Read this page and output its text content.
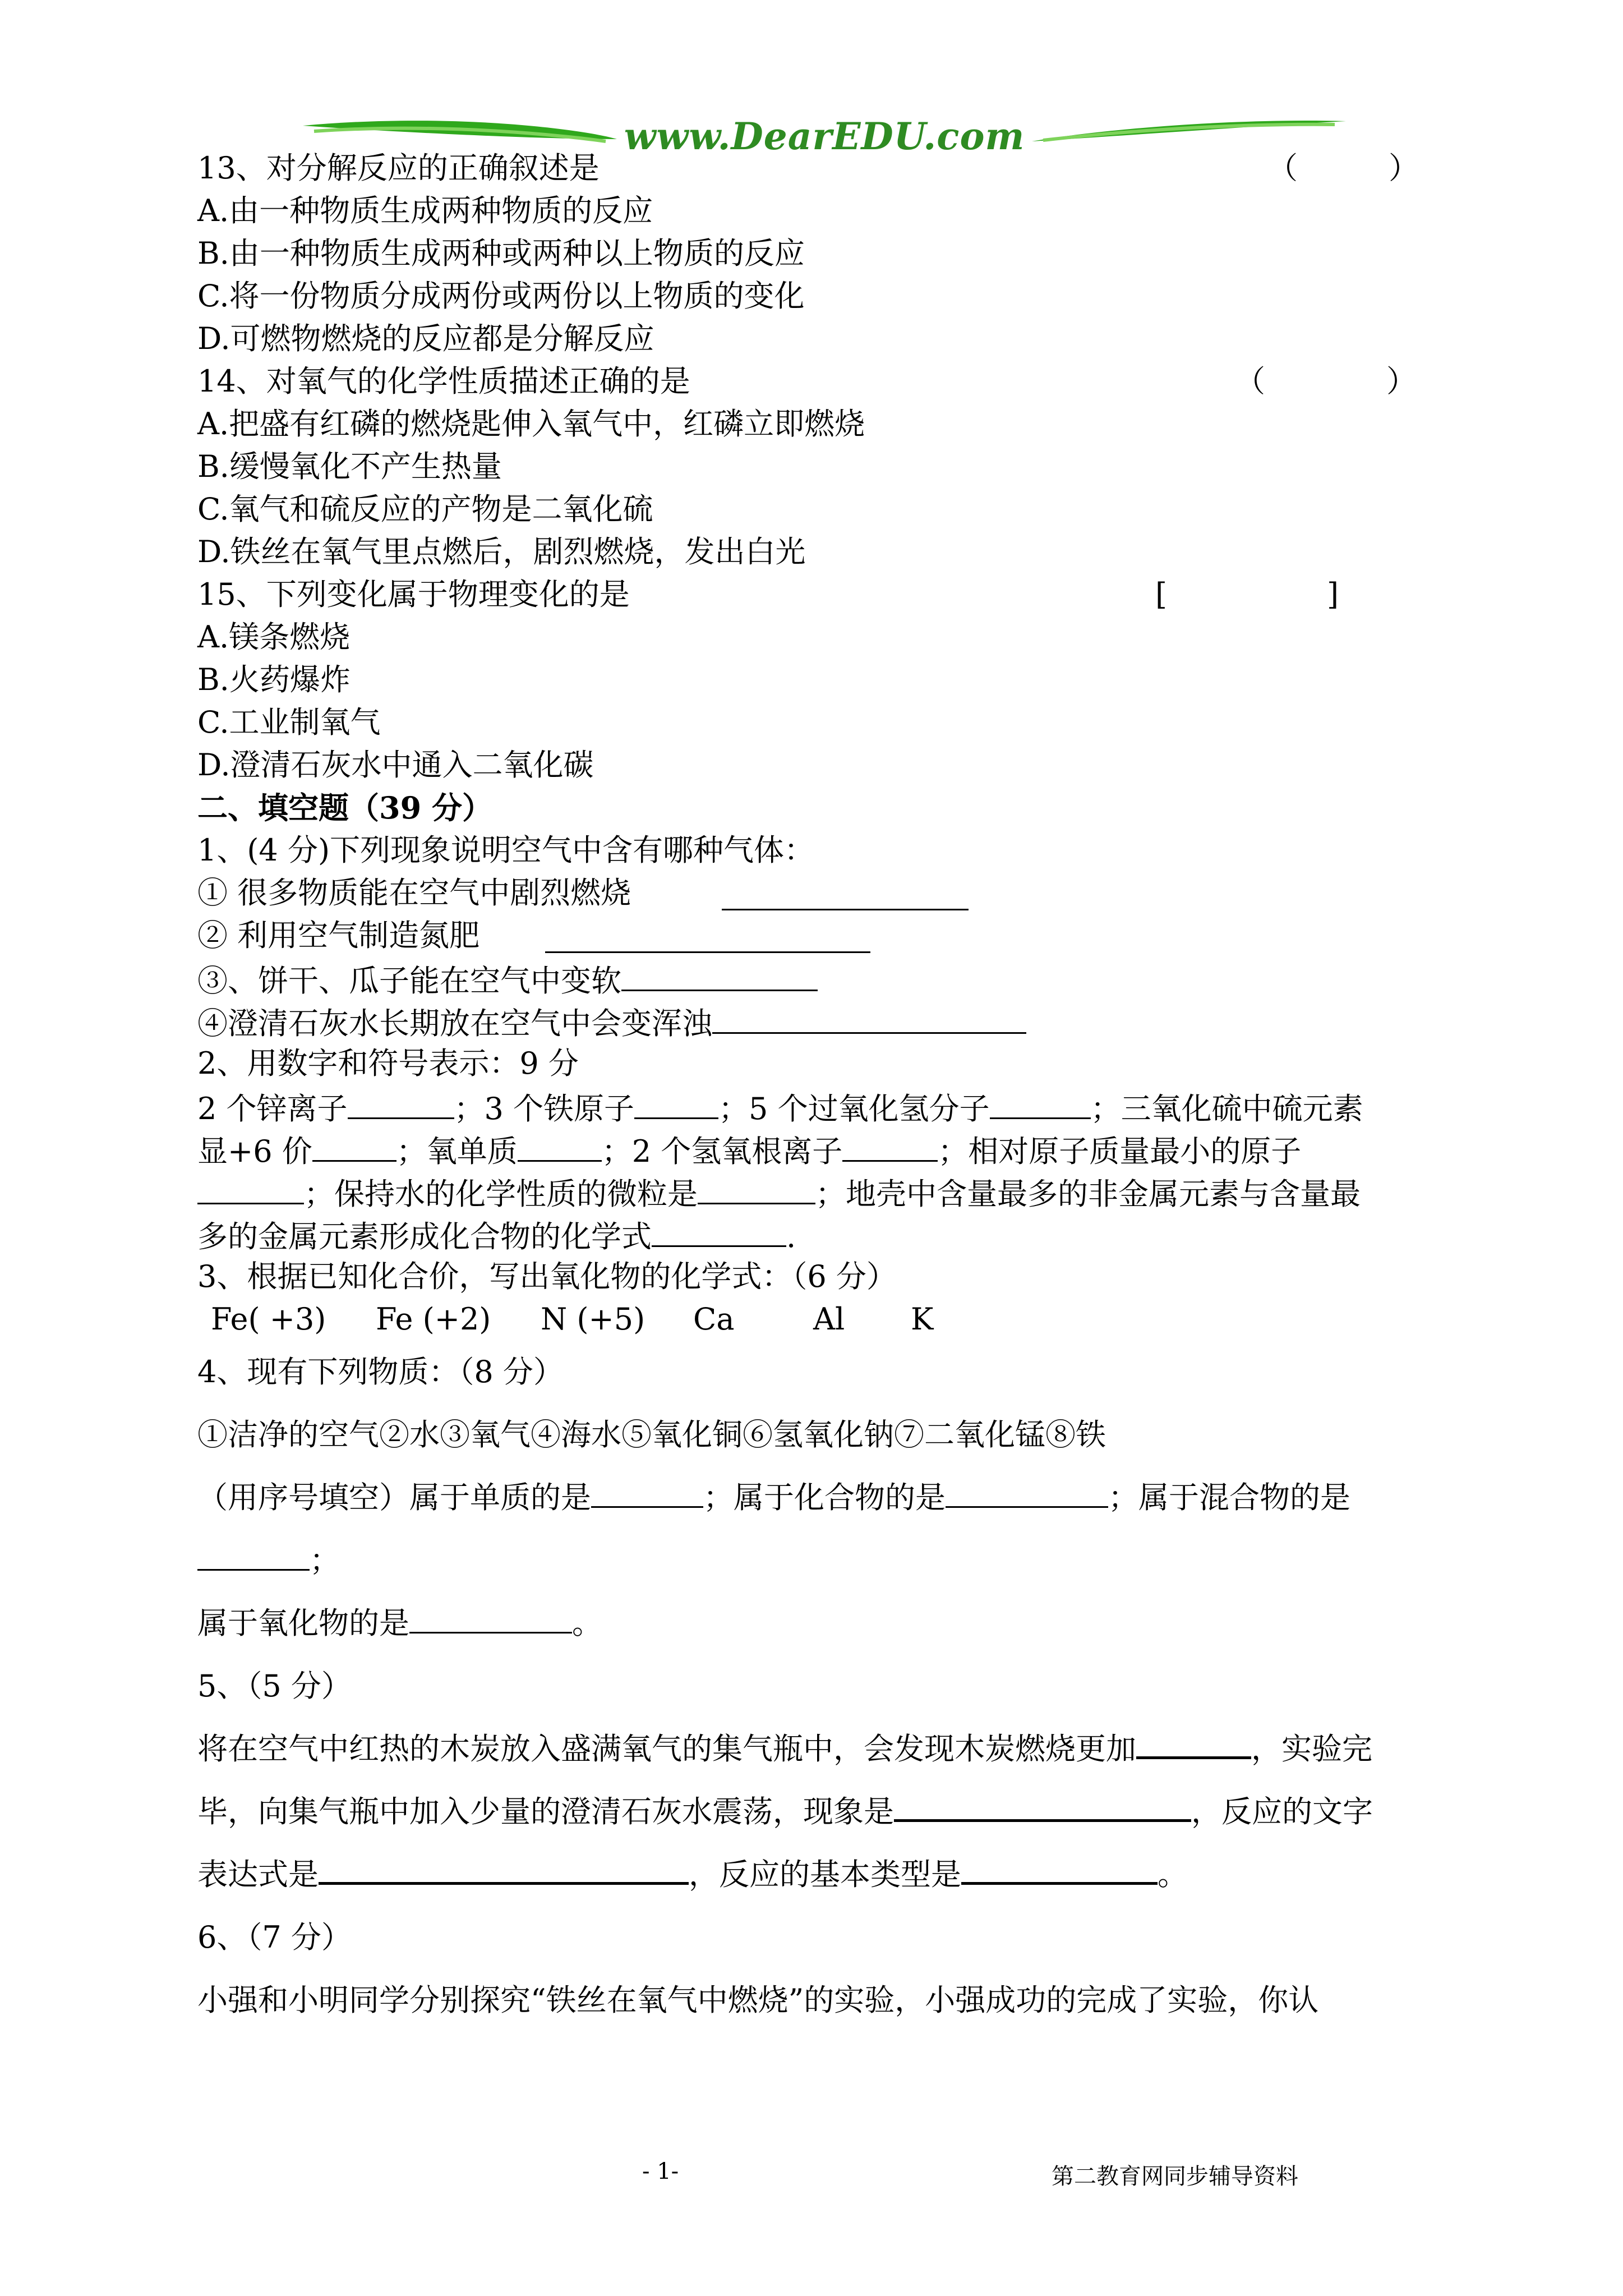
www.DearEDU.com
13、对分解反应的正确叙述是	（　　　）
A.由一种物质生成两种物质的反应
B.由一种物质生成两种或两种以上物质的反应
C.将一份物质分成两份或两份以上物质的变化
D.可燃物燃烧的反应都是分解反应
14、对氧气的化学性质描述正确的是	（　　　　）
A.把盛有红磷的燃烧匙伸入氧气中，红磷立即燃烧
B.缓慢氧化不产生热量
C.氧气和硫反应的产物是二氧化硫
D.铁丝在氧气里点燃后，剧烈燃烧，发出白光
15、下列变化属于物理变化的是	[	]
A.镁条燃烧
B.火药爆炸
C.工业制氧气
D.澄清石灰水中通入二氧化碳
二、填空题（39 分）
1、(4 分)下列现象说明空气中含有哪种气体：
① 很多物质能在空气中剧烈燃烧
② 利用空气制造氮肥
③、饼干、瓜子能在空气中变软
④澄清石灰水长期放在空气中会变浑浊
2、用数字和符号表示：9 分
2 个锌离子	；3 个铁原子	；5 个过氧化氢分子	；三氧化硫中硫元素
显+6 价	；氧单质	；2 个氢氧根离子	；相对原子质量最小的原子
；保持水的化学性质的微粒是	；地壳中含量最多的非金属元素与含量最
多的金属元素形成化合物的化学式	.
3、根据已知化合价，写出氧化物的化学式：（6 分）
Fe( +3) Fe (+2) N (+5) Ca	Al K
4、现有下列物质：（8 分）
①洁净的空气②水③氧气④海水⑤氧化铜⑥氢氧化钠⑦二氧化锰⑧铁
（用序号填空）属于单质的是	；属于化合物的是	；属于混合物的是
；
属于氧化物的是	。
5、（5 分）
将在空气中红热的木炭放入盛满氧气的集气瓶中，会发现木炭燃烧更加	，实验完
毕，向集气瓶中加入少量的澄清石灰水震荡，现象是	，反应的文字
表达式是	，反应的基本类型是	。
6、（7 分）
小强和小明同学分别探究“铁丝在氧气中燃烧”的实验，小强成功的完成了实验，你认
- 1-	第二教育网同步辅导资料
